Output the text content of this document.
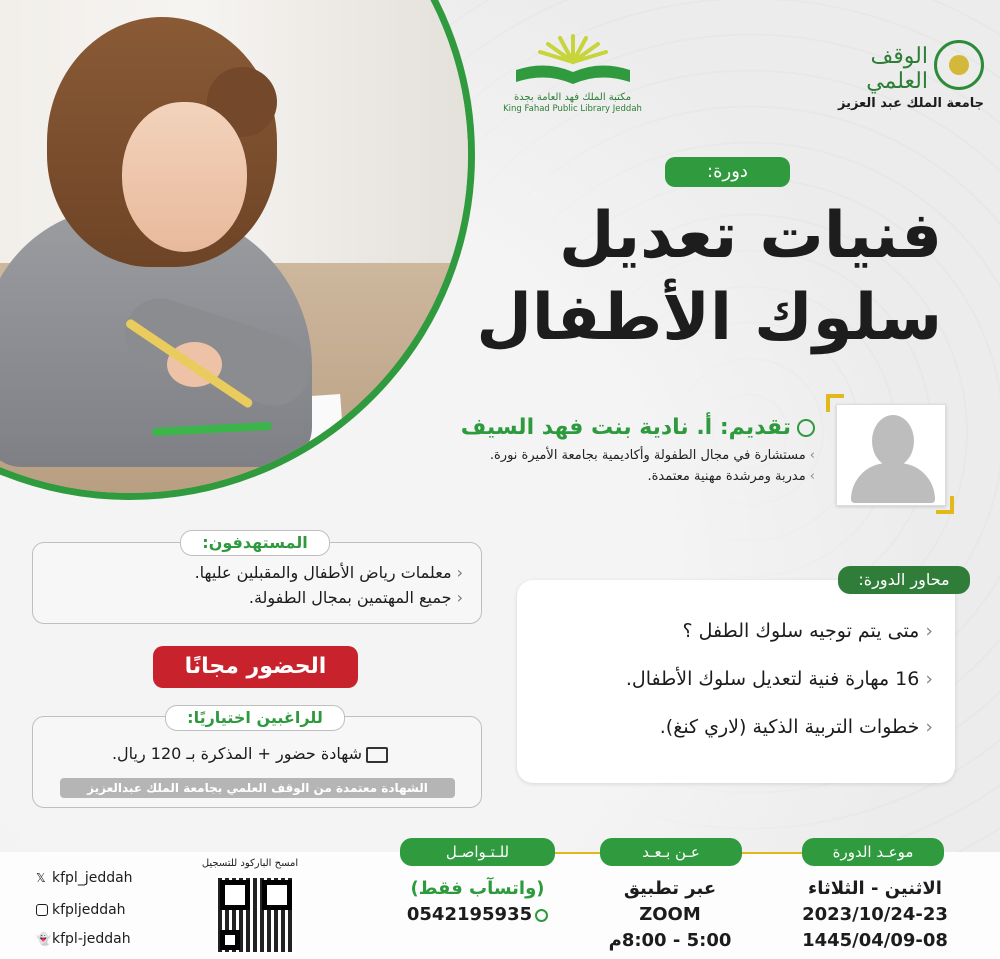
مكتبة الملك فهد العامة بجدة
King Fahad Public Library Jeddah
الوقف العلمي
جامعة الملك عبد العزيز
دورة:
فنيات تعديل
سلوك الأطفال
تقديم: أ. نادية بنت فهد السيف
› مستشارة في مجال الطفولة وأكاديمية بجامعة الأميرة نورة.
› مدربة ومرشدة مهنية معتمدة.
‹ معلمات رياض الأطفال والمقبلين عليها.
‹ جميع المهتمين بمجال الطفولة.
المستهدفون:
الحضور مجانًا
للراغبين اختياريًا:
شهادة حضور + المذكرة بـ 120 ريال.
الشهادة معتمدة من الوقف العلمي بجامعة الملك عبدالعزيز
‹ متى يتم توجيه سلوك الطفل ؟
‹ 16 مهارة فنية لتعديل سلوك الأطفال.
‹ خطوات التربية الذكية (لاري كنغ).
محاور الدورة:
موعـد الدورة
الاثنين - الثلاثاء
2023/10/24-23
1445/04/09-08
عـن بـعـد
عبر تطبيق
ZOOM
5:00 - 8:00م
للـتـواصـل
(واتسآب فقط)
0542195935
امسح الباركود للتسجيل
𝕏 kfpl_jeddah
kfpljeddah
👻kfpl-jeddah
